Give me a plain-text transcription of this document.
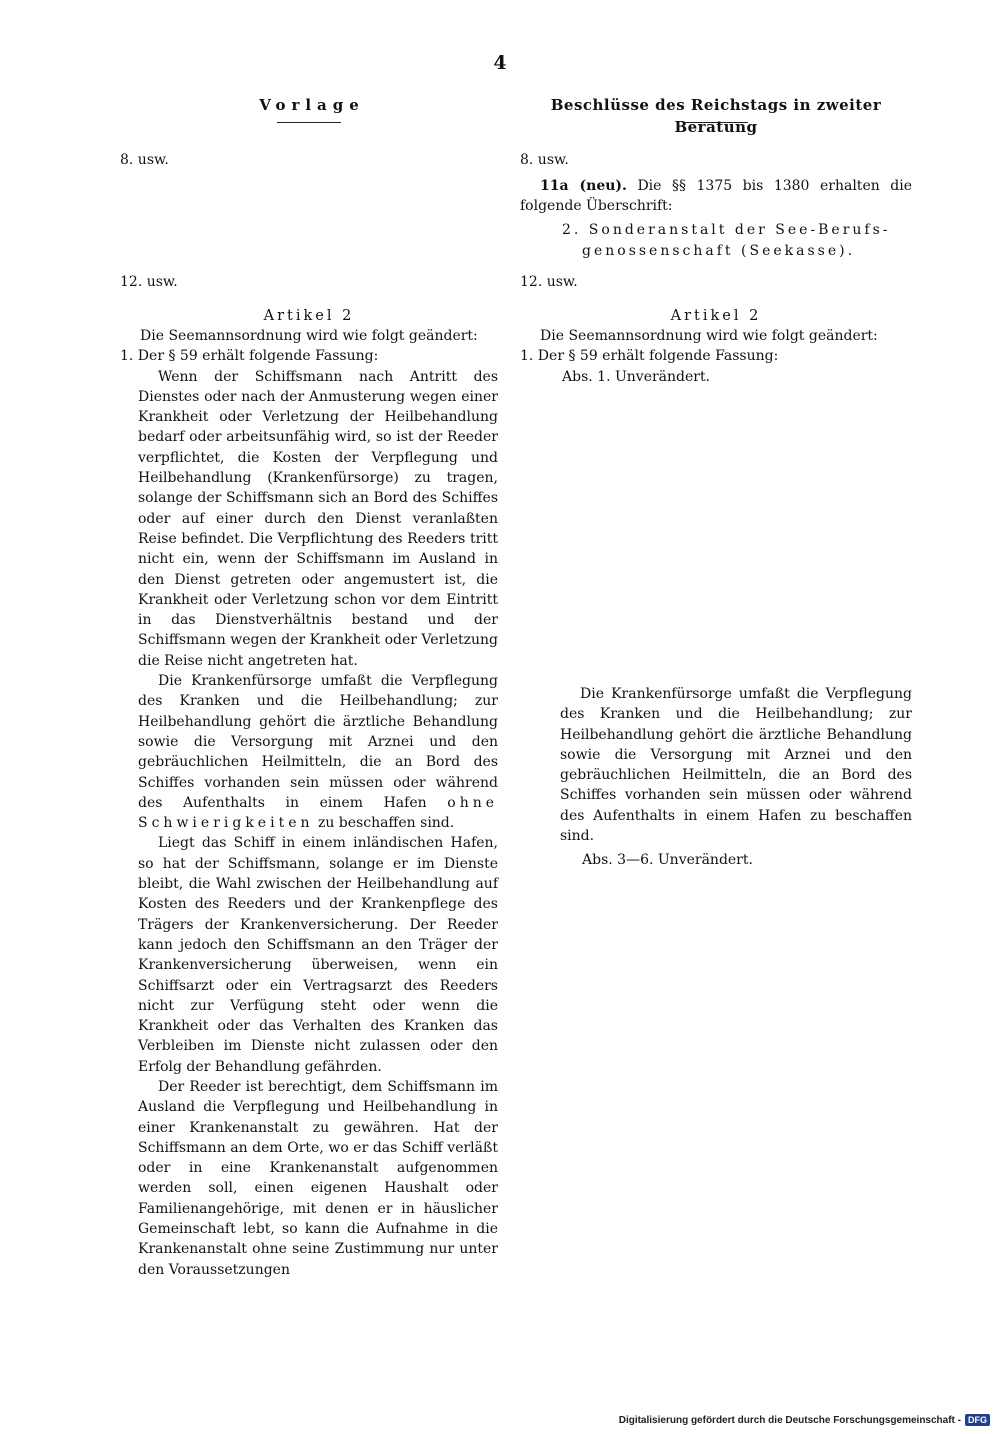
4
Vorlage
8. usw.
12. usw.
Artikel 2

Die Seemannsordnung wird wie folgt geändert:

1. Der § 59 erhält folgende Fassung:

Wenn der Schiffsmann nach Antritt des Dienstes oder nach der Anmusterung wegen einer Krankheit oder Verletzung der Heilbehandlung bedarf oder arbeitsunfähig wird, so ist der Reeder verpflichtet, die Kosten der Verpflegung und Heilbehandlung (Krankenfürsorge) zu tragen, solange der Schiffsmann sich an Bord des Schiffes oder auf einer durch den Dienst veranlaßten Reise befindet. Die Verpflichtung des Reeders tritt nicht ein, wenn der Schiffsmann im Ausland in den Dienst getreten oder angemustert ist, die Krankheit oder Verletzung schon vor dem Eintritt in das Dienstverhältnis bestand und der Schiffsmann wegen der Krankheit oder Verletzung die Reise nicht angetreten hat.

Die Krankenfürsorge umfaßt die Verpflegung des Kranken und die Heilbehandlung; zur Heilbehandlung gehört die ärztliche Behandlung sowie die Versorgung mit Arznei und den gebräuchlichen Heilmitteln, die an Bord des Schiffes vorhanden sein müssen oder während des Aufenthalts in einem Hafen ohne Schwierigkeiten zu beschaffen sind.

Liegt das Schiff in einem inländischen Hafen, so hat der Schiffsmann, solange er im Dienste bleibt, die Wahl zwischen der Heilbehandlung auf Kosten des Reeders und der Krankenpflege des Trägers der Krankenversicherung. Der Reeder kann jedoch den Schiffsmann an den Träger der Krankenversicherung überweisen, wenn ein Schiffsarzt oder ein Vertragsarzt des Reeders nicht zur Verfügung steht oder wenn die Krankheit oder das Verhalten des Kranken das Verbleiben im Dienste nicht zulassen oder den Erfolg der Behandlung gefährden.

Der Reeder ist berechtigt, dem Schiffsmann im Ausland die Verpflegung und Heilbehandlung in einer Krankenanstalt zu gewähren. Hat der Schiffsmann an dem Orte, wo er das Schiff verläßt oder in eine Krankenanstalt aufgenommen werden soll, einen eigenen Haushalt oder Familienangehörige, mit denen er in häuslicher Gemeinschaft lebt, so kann die Aufnahme in die Krankenanstalt ohne seine Zustimmung nur unter den Voraussetzungen

Beschlüsse des Reichstags in zweiter Beratung
8. usw.

11a (neu). Die §§ 1375 bis 1380 erhalten die folgende Überschrift:

2. Sonderanstalt der See-Berufs-
genossenschaft (Seekasse).
12. usw.
Artikel 2

Die Seemannsordnung wird wie folgt geändert:

1. Der § 59 erhält folgende Fassung:

Abs. 1. Unverändert.

Die Krankenfürsorge umfaßt die Verpflegung des Kranken und die Heilbehandlung; zur Heilbehandlung gehört die ärztliche Behandlung sowie die Versorgung mit Arznei und den gebräuchlichen Heilmitteln, die an Bord des Schiffes vorhanden sein müssen oder während des Aufenthalts in einem Hafen zu beschaffen sind.

Abs. 3—6. Unverändert.
Digitalisierung gefördert durch die Deutsche Forschungsgemeinschaft - DFG
